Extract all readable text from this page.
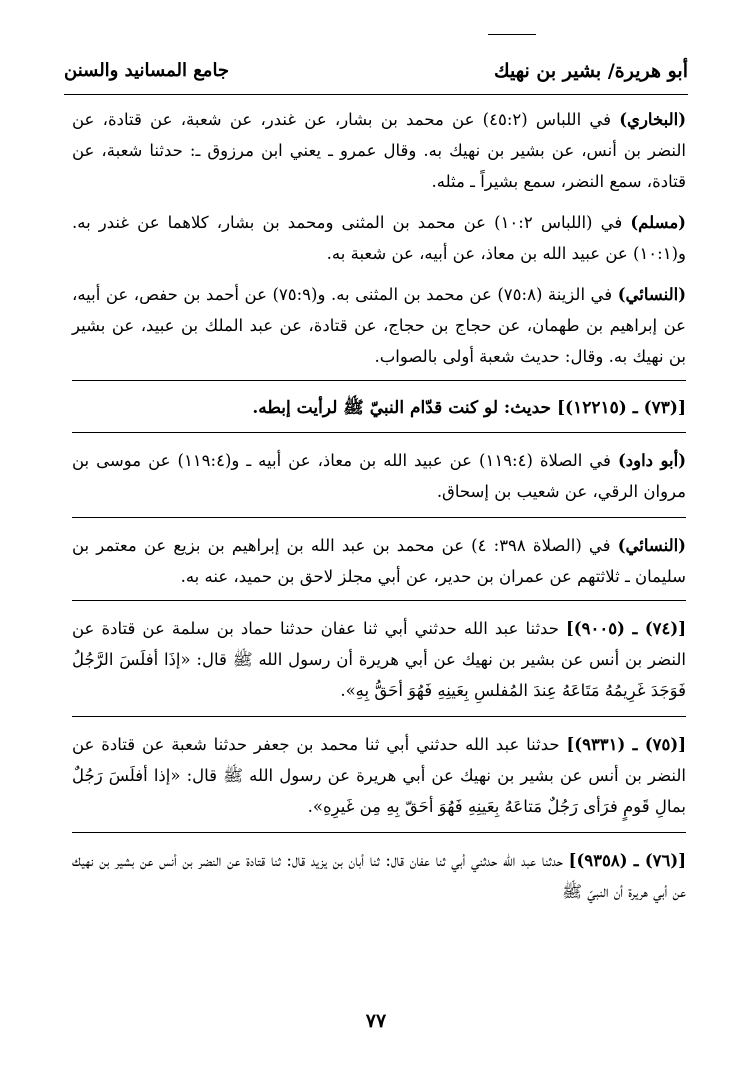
أبو هريرة/ بشير بن نهيك
جامع المسانيد والسنن

(البخاري) في اللباس (٤٥:٢) عن محمد بن بشار، عن غندر، عن شعبة، عن قتادة، عن النضر بن أنس، عن بشير بن نهيك به. وقال عمرو ـ يعني ابن مرزوق ـ: حدثنا شعبة، عن قتادة، سمع النضر، سمع بشيراً ـ مثله.

(مسلم) في (اللباس ١٠:٢) عن محمد بن المثنى ومحمد بن بشار، كلاهما عن غندر به. و(١٠:١) عن عبيد الله بن معاذ، عن أبيه، عن شعبة به.

(النسائي) في الزينة (٧٥:٨) عن محمد بن المثنى به. و(٧٥:٩) عن أحمد بن حفص، عن أبيه، عن إبراهيم بن طهمان، عن حجاج بن حجاج، عن قتادة، عن عبد الملك بن عبيد، عن بشير بن نهيك به. وقال: حديث شعبة أولى بالصواب.

[(٧٣) ـ (١٢٢١٥)] حديث: لو كنت قدّام النبيّ ﷺ لرأيت إبطه.

(أبو داود) في الصلاة (١١٩:٤) عن عبيد الله بن معاذ، عن أبيه ـ و(١١٩:٤) عن موسى بن مروان الرقي، عن شعيب بن إسحاق.

(النسائي) في (الصلاة ٣٩٨: ٤) عن محمد بن عبد الله بن إبراهيم بن بزيع عن معتمر بن سليمان ـ ثلاثتهم عن عمران بن حدير، عن أبي مجلز لاحق بن حميد، عنه به.

[(٧٤) ـ (٩٠٠٥)] حدثنا عبد الله حدثني أبي ثنا عفان حدثنا حماد بن سلمة عن قتادة عن النضر بن أنس عن بشير بن نهيك عن أبي هريرة أن رسول الله ﷺ قال: «إذَا أفلَسَ الرَّجُلُ فَوَجَدَ غَرِيمُهُ مَتَاعَهُ عِندَ المُفلسِ بِعَينِهِ فَهُوَ أحَقُّ بِهِ».

[(٧٥) ـ (٩٣٣١)] حدثنا عبد الله حدثني أبي ثنا محمد بن جعفر حدثنا شعبة عن قتادة عن النضر بن أنس عن بشير بن نهيك عن أبي هريرة عن رسول الله ﷺ قال: «إذا أفلَسَ رَجُلٌ بمالِ قَومٍ فرَأى رَجُلٌ مَتاعَهُ بِعَينِهِ فَهُوَ أحَقّ بِهِ مِن غَيرِهِ».

[(٧٦) ـ (٩٣٥٨)] حدثنا عبد الله حدثني أبي ثنا عفان قال: ثنا أبان بن يزيد قال: ثنا قتادة عن النضر بن أنس عن بشير بن نهيك عن أبي هريرة أن النبيّ ﷺ

٧٧
